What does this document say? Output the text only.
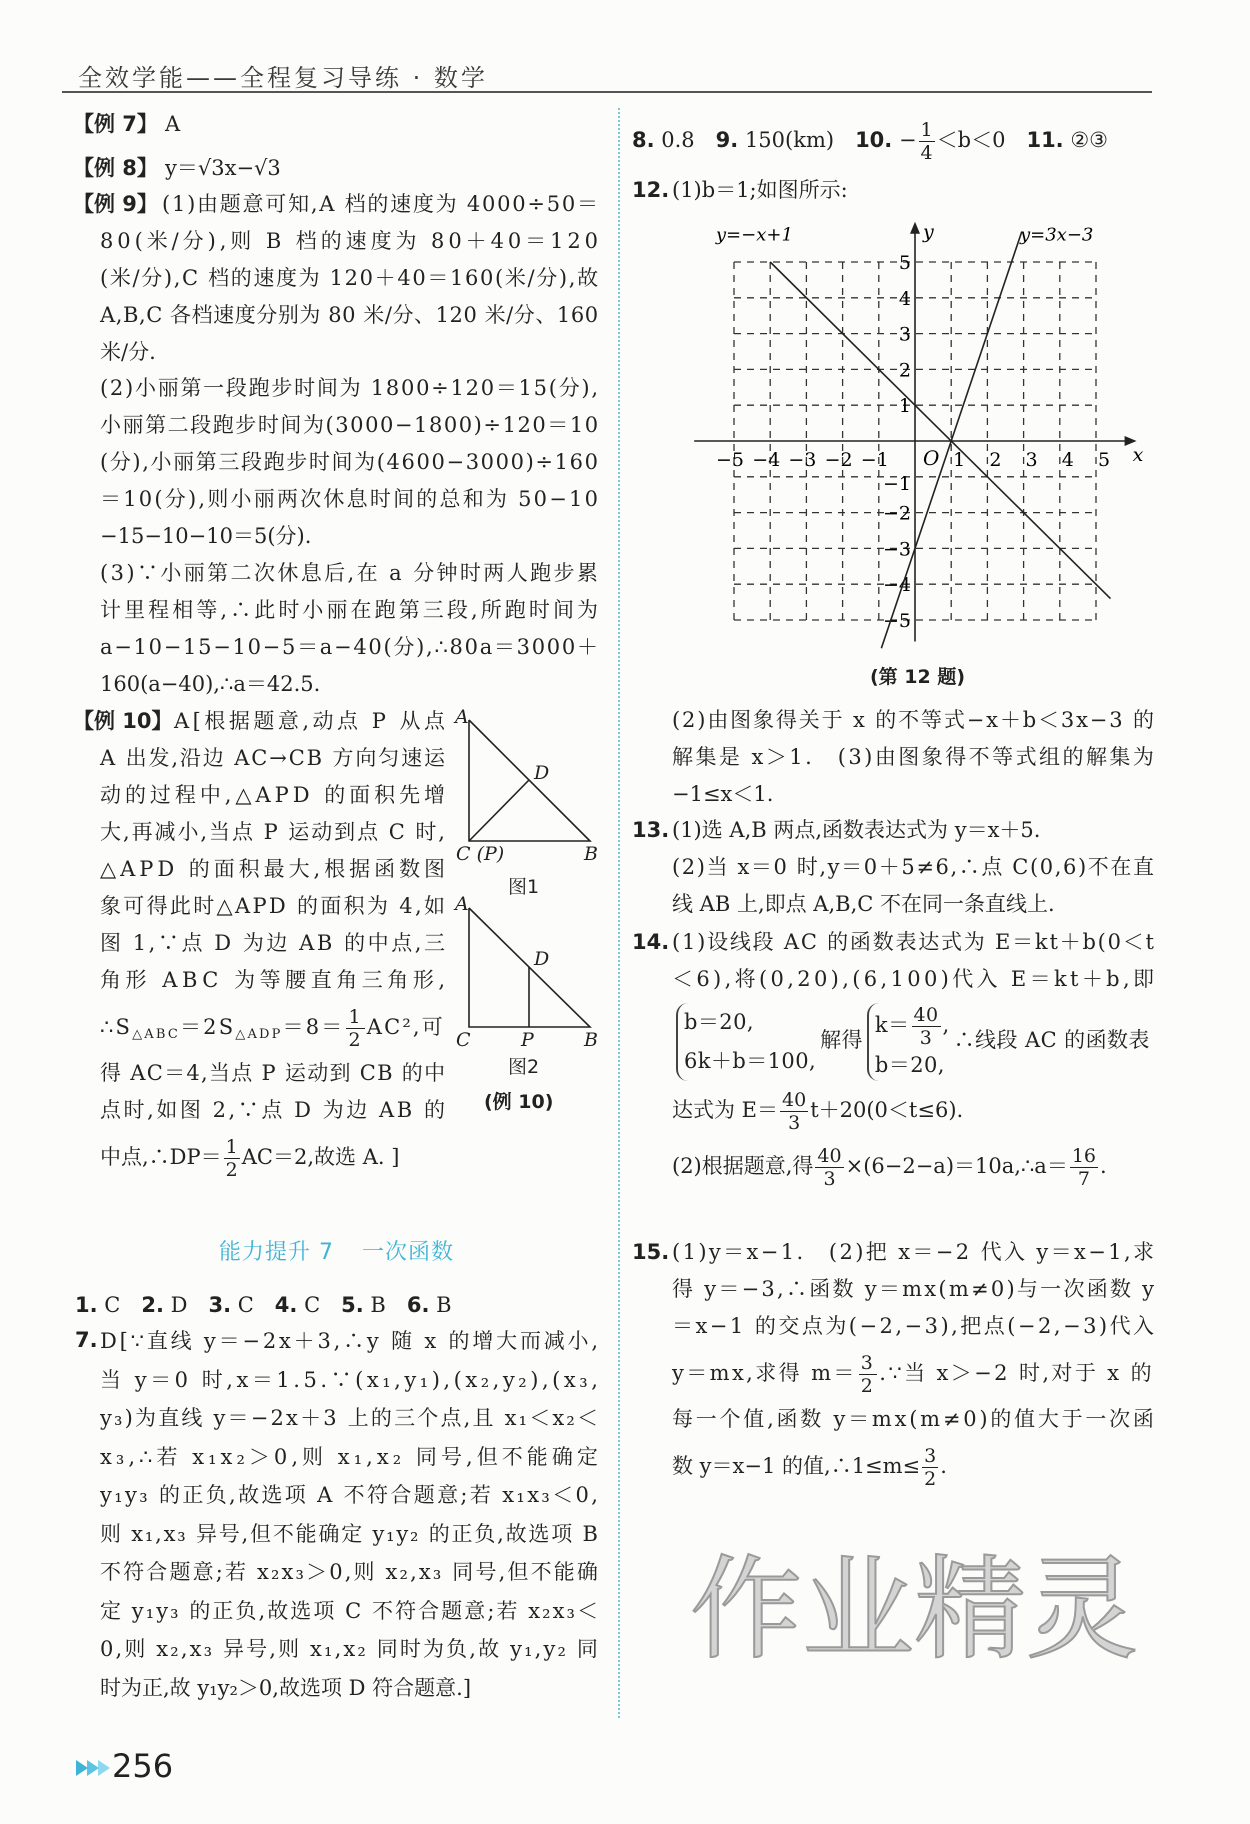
全效学能——全程复习导练 · 数学
【例 7】 A
【例 8】 y＝√3x−√3
【例 9】 (1)由题意可知,A 档的速度为 4000÷50＝
80(米/分),则 B 档的速度为 80＋40＝120
(米/分),C 档的速度为 120＋40＝160(米/分),故
A,B,C 各档速度分别为 80 米/分、120 米/分、160
米/分.
(2)小丽第一段跑步时间为 1800÷120＝15(分),
小丽第二段跑步时间为(3000−1800)÷120＝10
(分),小丽第三段跑步时间为(4600−3000)÷160
＝10(分),则小丽两次休息时间的总和为 50−10
−15−10−10＝5(分).
(3)∵小丽第二次休息后,在 a 分钟时两人跑步累
计里程相等,∴此时小丽在跑第三段,所跑时间为
a−10−15−10−5＝a−40(分),∴80a＝3000＋
160(a−40),∴a＝42.5.
【例 10】 A[根据题意,动点 P 从点
A 出发,沿边 AC→CB 方向匀速运
动的过程中,△APD 的面积先增
大,再减小,当点 P 运动到点 C 时,
△APD 的面积最大,根据函数图
象可得此时△APD 的面积为 4,如
图 1,∵点 D 为边 AB 的中点,三
角形 ABC 为等腰直角三角形,
∴S△ABC＝2S△ADP＝8＝ $\frac{1}{2} AC^2$,可
得 AC＝4,当点 P 运动到 CB 的中
点时,如图 2,∵点 D 为边 AB 的
中点,∴DP＝ $\frac{1}{2} AC=2$,故选 A. ]
1. C　2. D　3. C　4. C　5. B　6. B
7. D[∵直线 y＝−2x＋3,∴y 随 x 的增大而减小,
当 y＝0 时,x＝1.5.∵(x₁,y₁),(x₂,y₂),(x₃,
y₃)为直线 y＝−2x＋3 上的三个点,且 x₁＜x₂＜
x₃,∴若 x₁x₂＞0,则 x₁,x₂ 同号,但不能确定
y₁y₃ 的正负,故选项 A 不符合题意;若 x₁x₃＜0,
则 x₁,x₃ 异号,但不能确定 y₁y₂ 的正负,故选项 B
不符合题意;若 x₂x₃＞0,则 x₂,x₃ 同号,但不能确
定 y₁y₃ 的正负,故选项 C 不符合题意;若 x₂x₃＜
0,则 x₂,x₃ 异号,则 x₁,x₂ 同时为负,故 y₁,y₂ 同
时为正,故 y₁y₂＞0,故选项 D 符合题意.]
8. 0.8　9. 150(km)　10. − $\frac{1}{4} <b<0$　11. ②③
12. (1)b＝1;如图所示:
(2)由图象得关于 x 的不等式−x＋b＜3x−3 的
解集是 x＞1.　(3)由图象得不等式组的解集为
−1≤x＜1.
13. (1)选 A,B 两点,函数表达式为 y＝x＋5.
(2)当 x＝0 时,y＝0＋5≠6,∴点 C(0,6)不在直
线 AB 上,即点 A,B,C 不在同一条直线上.
14. (1)设线段 AC 的函数表达式为 E＝kt＋b(0＜t
＜6),将(0,20),(6,100)代入 E＝kt＋b,即
b＝20,
6k＋b＝100,
解得
$k= \frac{40}{3}$ ,
b＝20,
∴线段 AC 的函数表
达式为 $E= \frac{40}{3} t+20(0<t\le 6)$.
(2)根据题意,得 $\frac{40}{3}$ ×(6−2−a)＝10a,∴a＝ $\frac{16}{7}$ .
15. (1)y＝x−1.　(2)把 x＝−2 代入 y＝x−1,求
得 y＝−3,∴函数 y＝mx(m≠0)与一次函数 y
＝x−1 的交点为(−2,−3),把点(−2,−3)代入
y＝mx,求得 $m= \frac{3}{2}$ .∵当 x＞−2 时,对于 x 的
每一个值,函数 y＝mx(m≠0)的值大于一次函
数 y＝x−1 的值,∴1≤m≤ $\frac{3}{2}$ .
能力提升 7 一次函数
A
D
C (P)	B
图1
A
D
C	P	B
图2
(例 10)
−5 −4 −3 −2 −1	1 2 3 4 5
5
4
3
2
1
−1
−2
−3
−4
−5
O	x
y
y=−x+1	y=3x−3
(第 12 题)
作业精灵
256
